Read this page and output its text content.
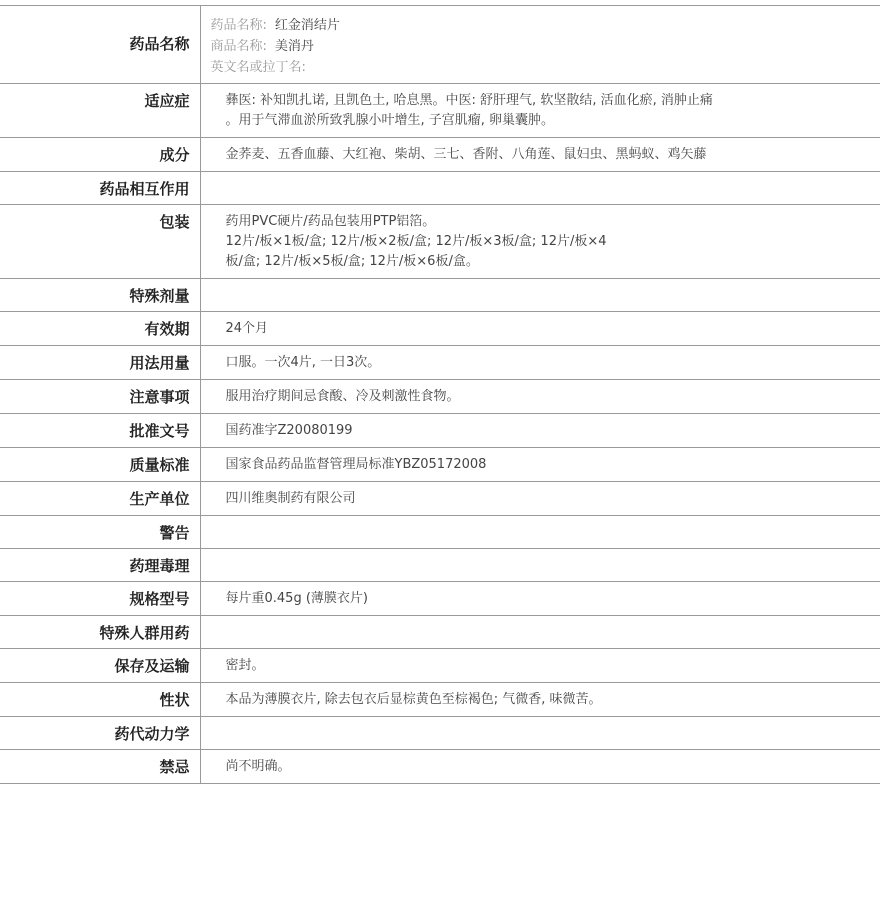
药品名称	药品名称: 红金消结片
商品名称: 美消丹
英文名或拉丁名:

适应症	彝医: 补知凯扎诺, 且凯色土, 哈息黑。中医: 舒肝理气, 软坚散结, 活血化瘀, 消肿止痛
。用于气滞血淤所致乳腺小叶增生, 子宫肌瘤, 卵巢囊肿。

成分	金荞麦、五香血藤、大红袍、柴胡、三七、香附、八角莲、鼠妇虫、黑蚂蚁、鸡矢藤

药品相互作用	

包装	药用PVC硬片/药品包装用PTP铝箔。
12片/板×1板/盒; 12片/板×2板/盒; 12片/板×3板/盒; 12片/板×4
板/盒; 12片/板×5板/盒; 12片/板×6板/盒。

特殊剂量	

有效期	24个月

用法用量	口服。一次4片, 一日3次。

注意事项	服用治疗期间忌食酸、冷及刺激性食物。

批准文号	国药准字Z20080199

质量标准	国家食品药品监督管理局标准YBZ05172008

生产单位	四川维奥制药有限公司

警告	

药理毒理	

规格型号	每片重0.45g (薄膜衣片)

特殊人群用药	

保存及运输	密封。

性状	本品为薄膜衣片, 除去包衣后显棕黄色至棕褐色; 气微香, 味微苦。

药代动力学	

禁忌	尚不明确。
